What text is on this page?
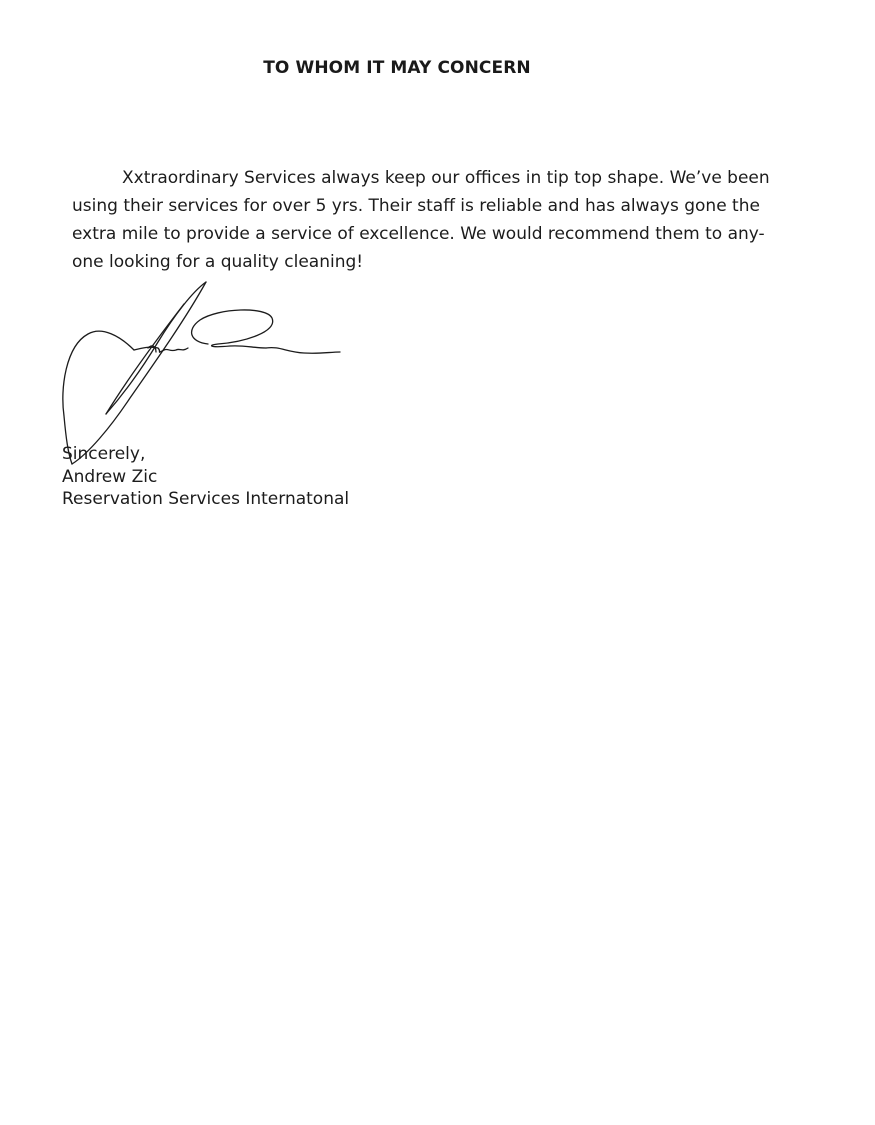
TO WHOM IT MAY CONCERN

Xxtraordinary Services always keep our offices in tip top shape. We’ve been
using their services for over 5 yrs. Their staff is reliable and has always gone the
extra mile to provide a service of excellence. We would recommend them to any-
one looking for a quality cleaning!

Sincerely,
Andrew Zic
Reservation Services Internatonal
